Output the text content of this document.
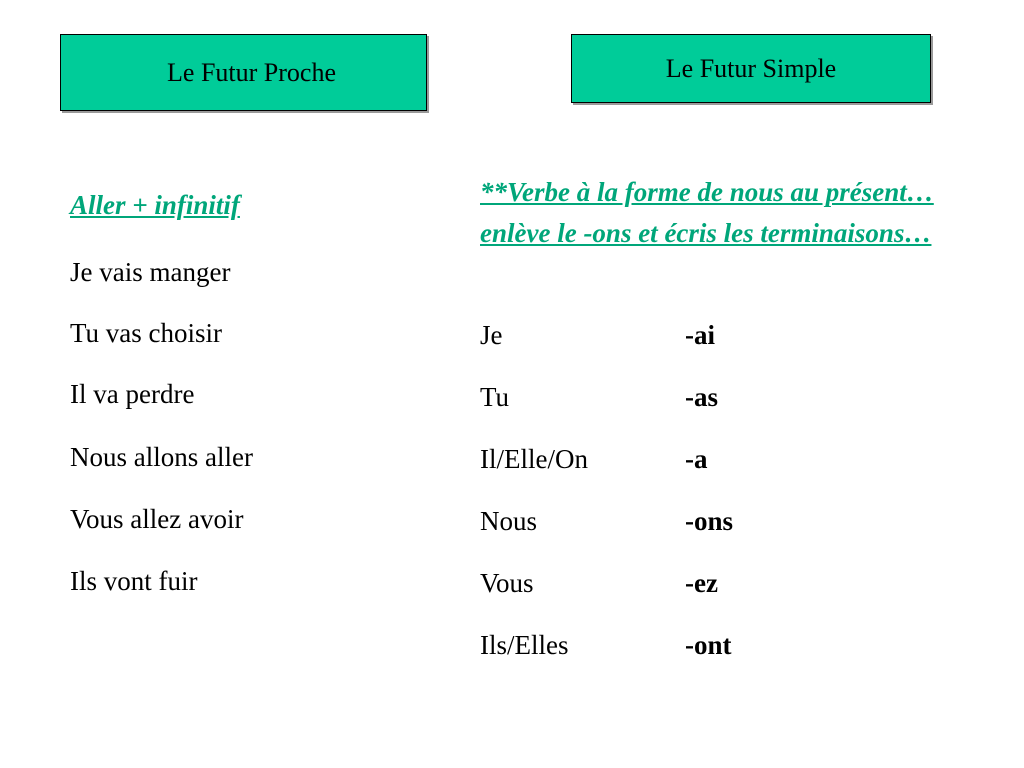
Le Futur Proche	Le Futur Simple
Aller + infinitif
Je vais manger
Tu vas choisir
Il va perdre
Nous allons aller
Vous allez avoir
Ils vont fuir
**Verbe à la forme de nous au présent…enlève le -ons et écris les terminaisons…
Je	-ai
Tu	-as
Il/Elle/On	-a
Nous	-ons
Vous	-ez
Ils/Elles	-ont
